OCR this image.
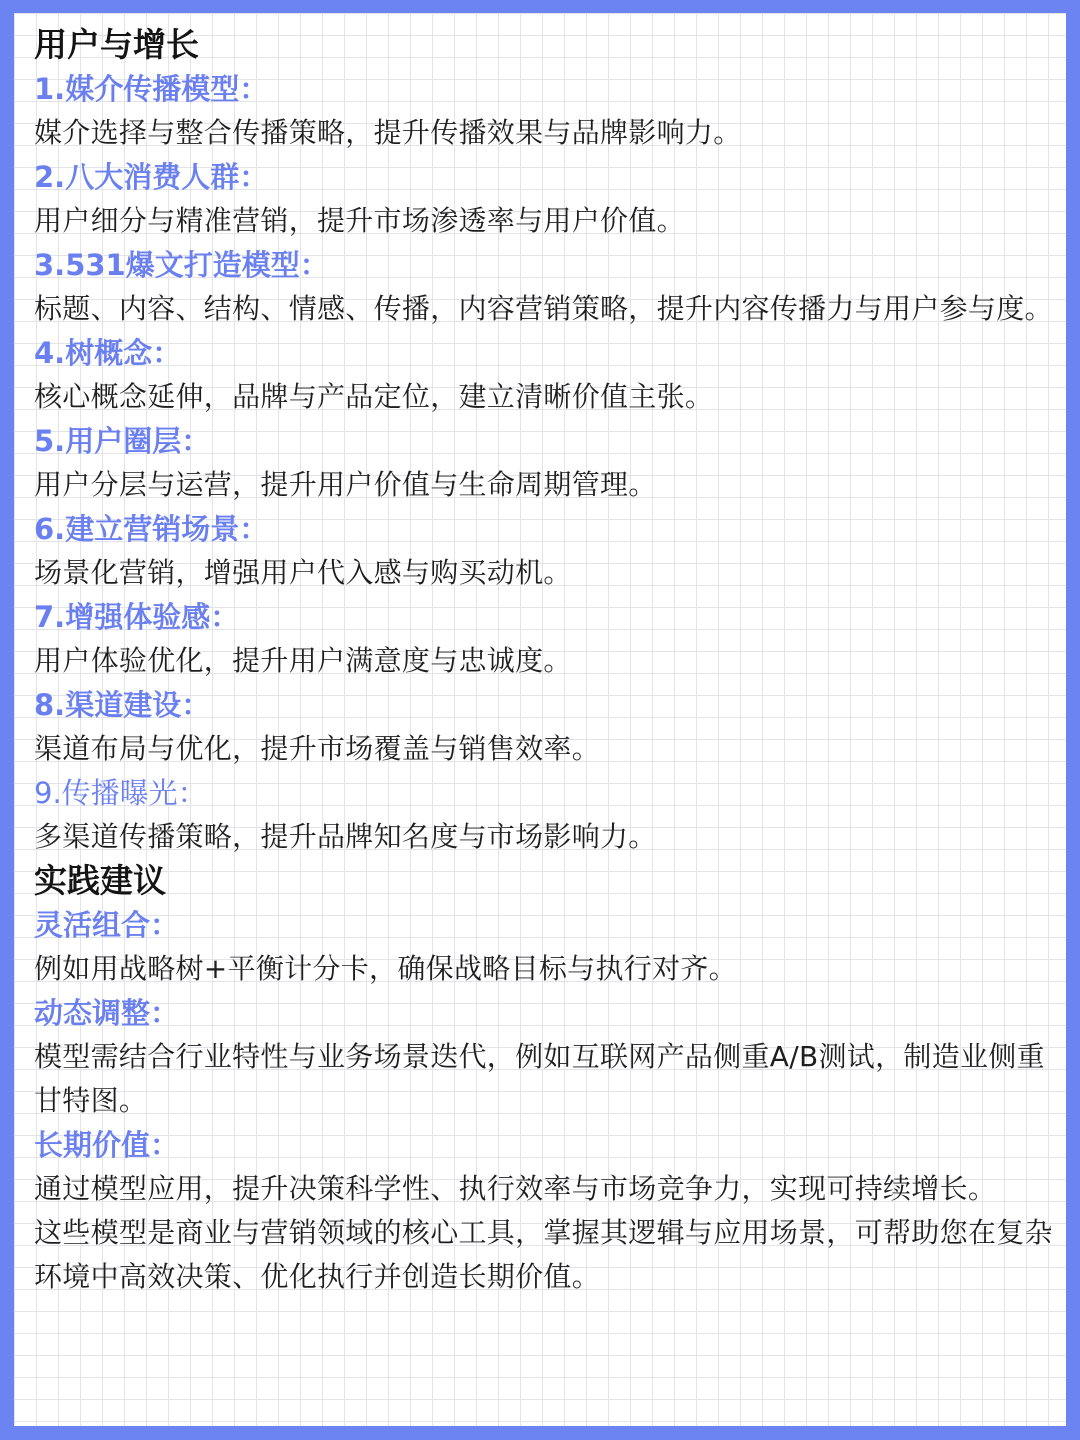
用户与增长
1.媒介传播模型：
媒介选择与整合传播策略，提升传播效果与品牌影响力。
2.八大消费人群：
用户细分与精准营销，提升市场渗透率与用户价值。
3.531爆文打造模型：
标题、内容、结构、情感、传播，内容营销策略，提升内容传播力与用户参与度。
4.树概念：
核心概念延伸，品牌与产品定位，建立清晰价值主张。
5.用户圈层：
用户分层与运营，提升用户价值与生命周期管理。
6.建立营销场景：
场景化营销，增强用户代入感与购买动机。
7.增强体验感：
用户体验优化，提升用户满意度与忠诚度。
8.渠道建设：
渠道布局与优化，提升市场覆盖与销售效率。
9.传播曝光：
多渠道传播策略，提升品牌知名度与市场影响力。
实践建议
灵活组合：
例如用战略树+平衡计分卡，确保战略目标与执行对齐。
动态调整：
模型需结合行业特性与业务场景迭代，例如互联网产品侧重A/B测试，制造业侧重甘特图。
长期价值：
通过模型应用，提升决策科学性、执行效率与市场竞争力，实现可持续增长。
这些模型是商业与营销领域的核心工具，掌握其逻辑与应用场景，可帮助您在复杂环境中高效决策、优化执行并创造长期价值。
